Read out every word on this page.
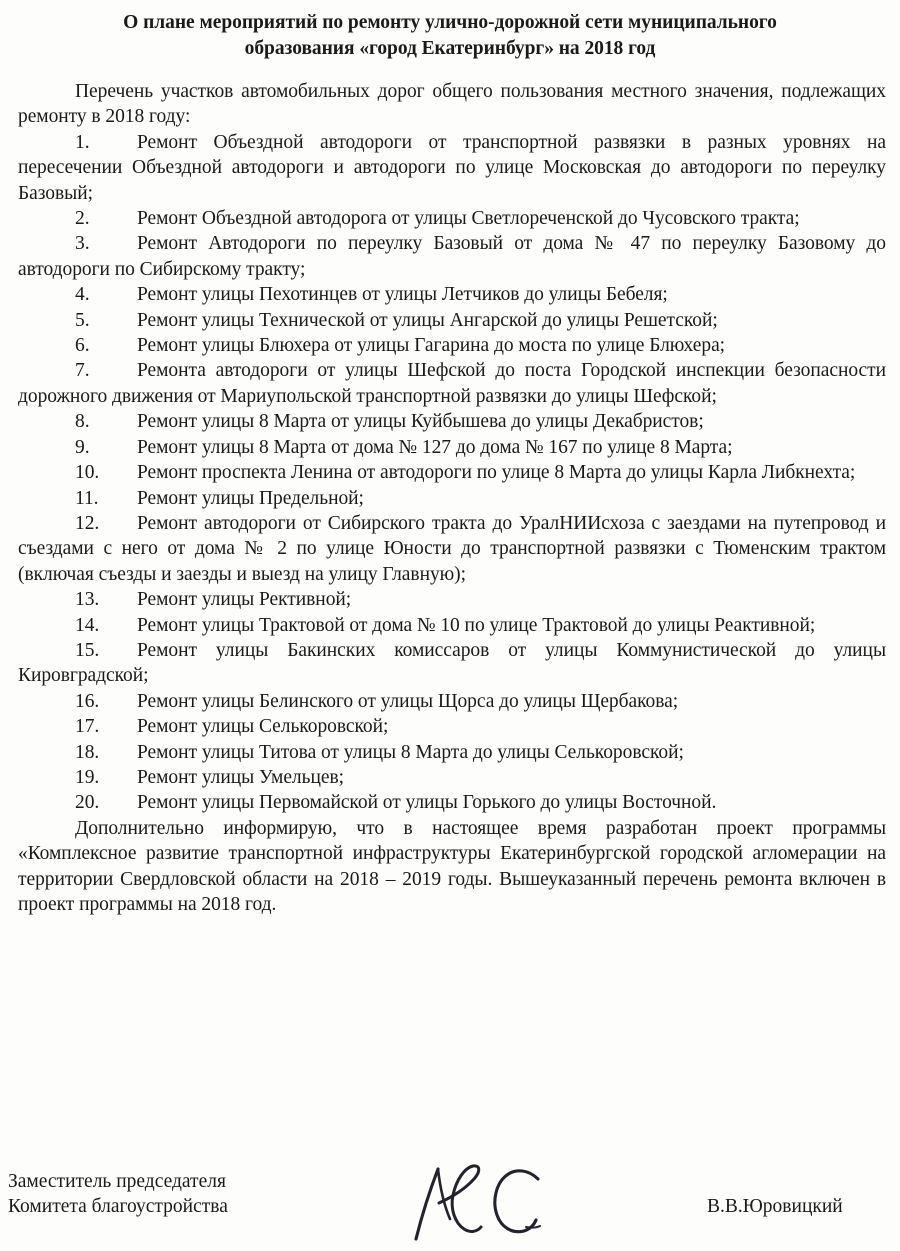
О плане мероприятий по ремонту улично-дорожной сети муниципального
образования «город Екатеринбург» на 2018 год

Перечень участков автомобильных дорог общего пользования местного значения, подлежащих ремонту в 2018 году:

1. Ремонт Объездной автодороги от транспортной развязки в разных уровнях на пересечении Объездной автодороги и автодороги по улице Московская до автодороги по переулку Базовый;

2. Ремонт Объездной автодорога от улицы Светлореченской до Чусовского тракта;

3. Ремонт Автодороги по переулку Базовый от дома № 47 по переулку Базовому до автодороги по Сибирскому тракту;

4. Ремонт улицы Пехотинцев от улицы Летчиков до улицы Бебеля;

5. Ремонт улицы Технической от улицы Ангарской до улицы Решетской;

6. Ремонт улицы Блюхера от улицы Гагарина до моста по улице Блюхера;

7. Ремонта автодороги от улицы Шефской до поста Городской инспекции безопасности дорожного движения от Мариупольской транспортной развязки до улицы Шефской;

8. Ремонт улицы 8 Марта от улицы Куйбышева до улицы Декабристов;

9. Ремонт улицы 8 Марта от дома № 127 до дома № 167 по улице 8 Марта;

10. Ремонт проспекта Ленина от автодороги по улице 8 Марта до улицы Карла Либкнехта;

11. Ремонт улицы Предельной;

12. Ремонт автодороги от Сибирского тракта до УралНИИсхоза с заездами на путепровод и съездами с него от дома № 2 по улице Юности до транспортной развязки с Тюменским трактом (включая съезды и заезды и выезд на улицу Главную);

13. Ремонт улицы Рективной;

14. Ремонт улицы Трактовой от дома № 10 по улице Трактовой до улицы Реактивной;

15. Ремонт улицы Бакинских комиссаров от улицы Коммунистической до улицы Кировградской;

16. Ремонт улицы Белинского от улицы Щорса до улицы Щербакова;

17. Ремонт улицы Селькоровской;

18. Ремонт улицы Титова от улицы 8 Марта до улицы Селькоровской;

19. Ремонт улицы Умельцев;

20. Ремонт улицы Первомайской от улицы Горького до улицы Восточной.

Дополнительно информирую, что в настоящее время разработан проект программы «Комплексное развитие транспортной инфраструктуры Екатеринбургской городской агломерации на территории Свердловской области на 2018 – 2019 годы. Вышеуказанный перечень ремонта включен в проект программы на 2018 год.

Заместитель председателя
Комитета благоустройства	В.В.Юровицкий
